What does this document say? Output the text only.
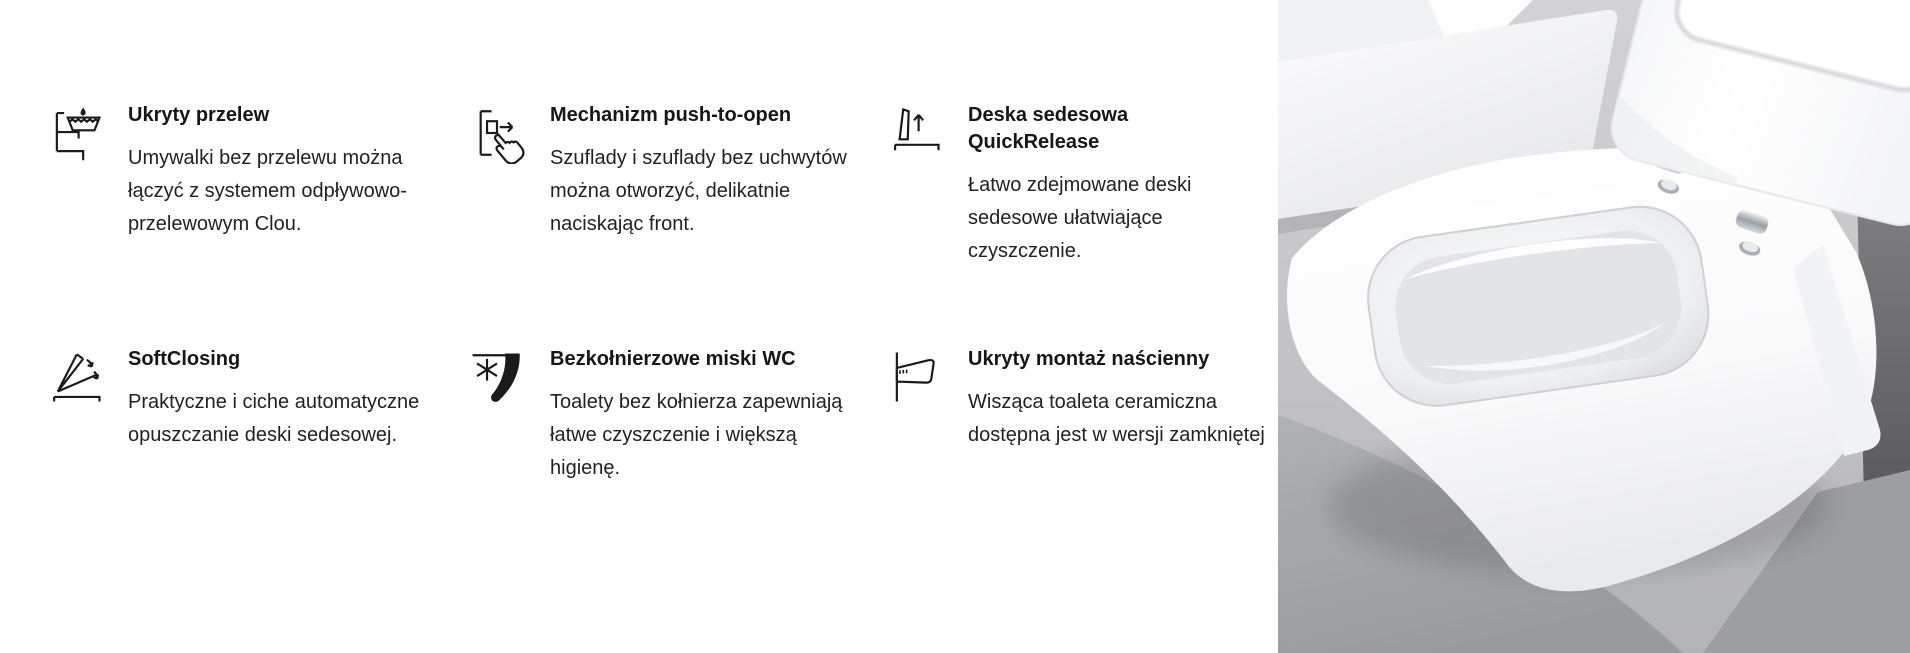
Ukryty przelew

Umywalki bez przelewu można łączyć z systemem odpływowo-przelewowym Clou.

Mechanizm push-to-open

Szuflady i szuflady bez uchwytów można otworzyć, delikatnie naciskając front.

Deska sedesowa QuickRelease

Łatwo zdejmowane deski sedesowe ułatwiające czyszczenie.

SoftClosing

Praktyczne i ciche automatyczne opuszczanie deski sedesowej.

Bezkołnierzowe miski WC

Toalety bez kołnierza zapewniają łatwe czyszczenie i większą higienę.

Ukryty montaż naścienny

Wisząca toaleta ceramiczna dostępna jest w wersji zamkniętej
